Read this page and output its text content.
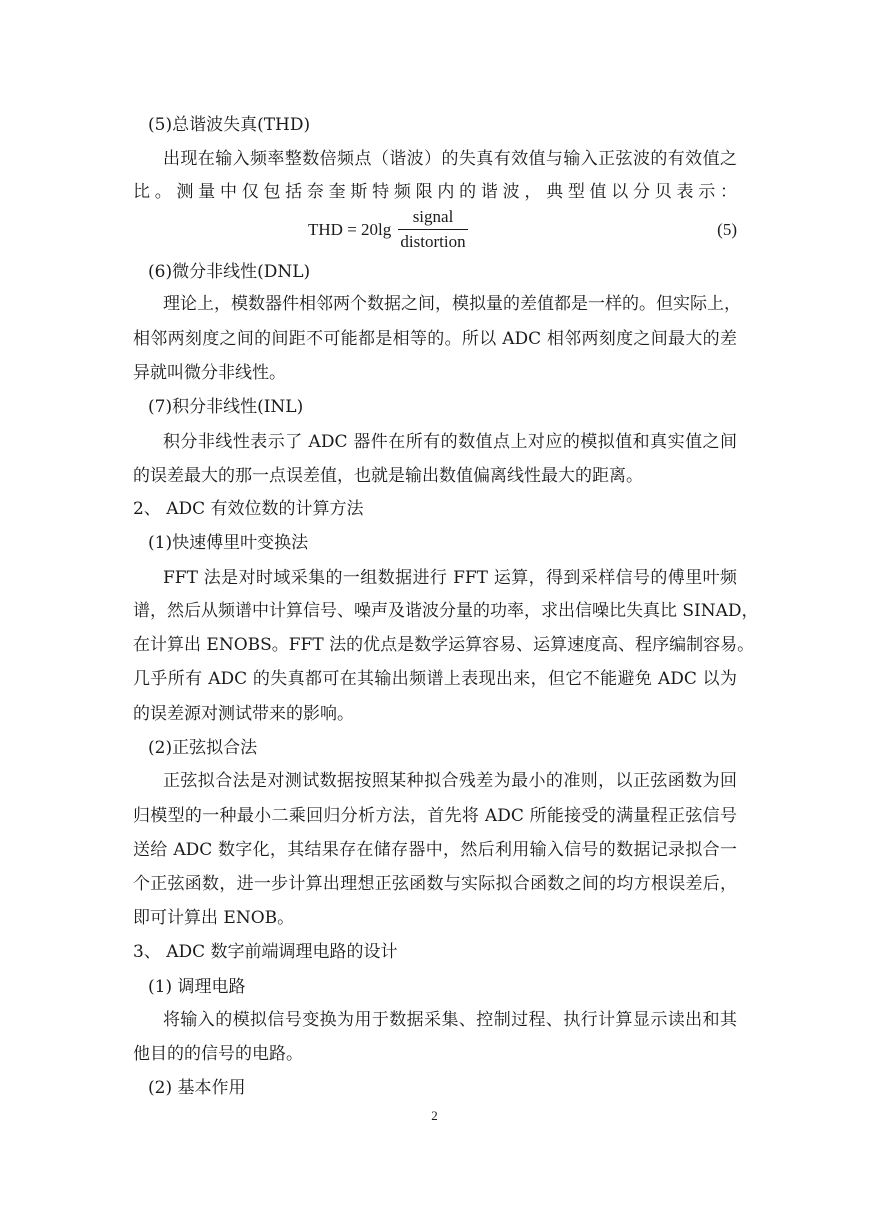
(5)总谐波失真(THD)
出现在输入频率整数倍频点（谐波）的失真有效值与输入正弦波的有效值之
比。测量中仅包括奈奎斯特频限内的谐波，典型值以分贝表示：
THD = 20lg
signal
distortion
(5)
(6)微分非线性(DNL)
理论上，模数器件相邻两个数据之间，模拟量的差值都是一样的。但实际上，
相邻两刻度之间的间距不可能都是相等的。所以 ADC 相邻两刻度之间最大的差
异就叫微分非线性。
(7)积分非线性(INL)
积分非线性表示了 ADC 器件在所有的数值点上对应的模拟值和真实值之间
的误差最大的那一点误差值，也就是输出数值偏离线性最大的距离。
2、 ADC 有效位数的计算方法
(1)快速傅里叶变换法
FFT 法是对时域采集的一组数据进行 FFT 运算，得到采样信号的傅里叶频
谱，然后从频谱中计算信号、噪声及谐波分量的功率，求出信噪比失真比 SINAD，
在计算出 ENOBS。FFT 法的优点是数学运算容易、运算速度高、程序编制容易。
几乎所有 ADC 的失真都可在其输出频谱上表现出来，但它不能避免 ADC 以为
的误差源对测试带来的影响。
(2)正弦拟合法
正弦拟合法是对测试数据按照某种拟合残差为最小的准则，以正弦函数为回
归模型的一种最小二乘回归分析方法，首先将 ADC 所能接受的满量程正弦信号
送给 ADC 数字化，其结果存在储存器中，然后利用输入信号的数据记录拟合一
个正弦函数，进一步计算出理想正弦函数与实际拟合函数之间的均方根误差后，
即可计算出 ENOB。
3、 ADC 数字前端调理电路的设计
(1) 调理电路
将输入的模拟信号变换为用于数据采集、控制过程、执行计算显示读出和其
他目的的信号的电路。
(2) 基本作用
2
